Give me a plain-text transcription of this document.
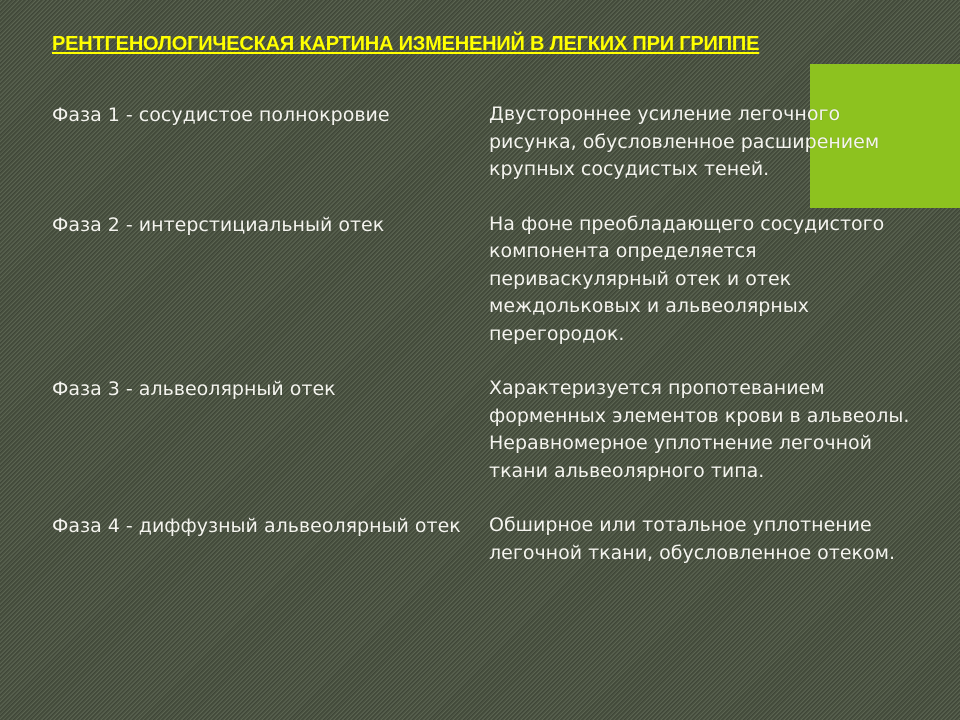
РЕНТГЕНОЛОГИЧЕСКАЯ КАРТИНА ИЗМЕНЕНИЙ В ЛЕГКИХ ПРИ ГРИППЕ
Фаза 1 - сосудистое полнокровие	Двустороннее усиление легочного рисунка, обусловленное расширением крупных сосудистых теней.
Фаза 2 - интерстициальный отек	На фоне преобладающего сосудистого компонента определяется периваскулярный отек и отек междольковых и альвеолярных перегородок.
Фаза 3 - альвеолярный отек	Характеризуется пропотеванием форменных элементов крови в альвеолы. Неравномерное уплотнение легочной ткани альвеолярного типа.
Фаза 4 - диффузный альвеолярный отек	Обширное или тотальное уплотнение легочной ткани, обусловленное отеком.
